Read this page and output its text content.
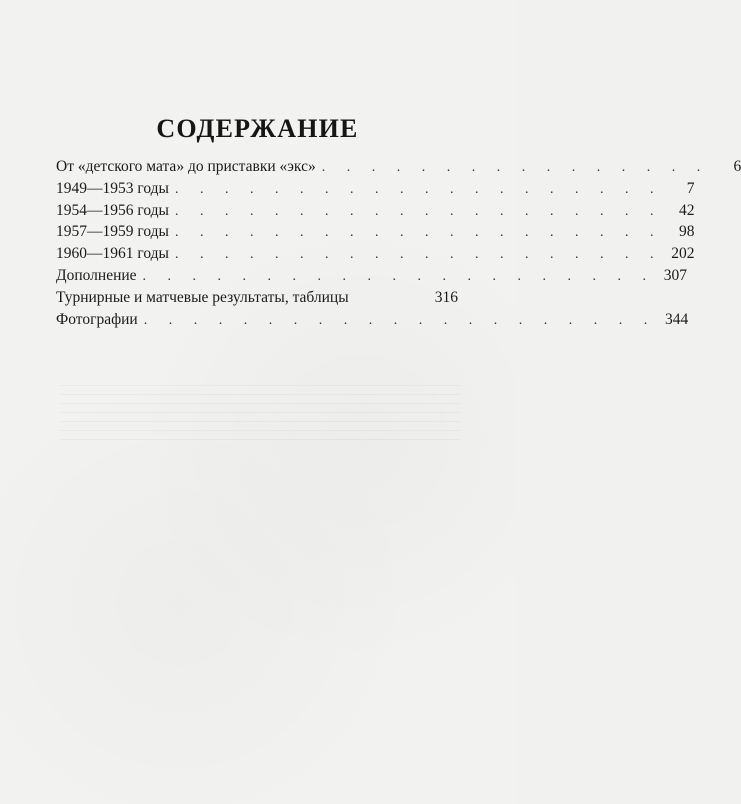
СОДЕРЖАНИЕ
От «детского мата» до приставки «экс» . . . . . . . . . . . . . . . .	6
1949—1953 годы . . . . . . . . . . . . . . . . . . . .	7
1954—1956 годы . . . . . . . . . . . . . . . . . . . .	42
1957—1959 годы . . . . . . . . . . . . . . . . . . . .	98
1960—1961 годы . . . . . . . . . . . . . . . . . . . . 202
Дополнение . . . . . . . . . . . . . . . . . . . . . 307
Турнирные и матчевые результаты, таблицы	316
Фотографии . . . . . . . . . . . . . . . . . . . . . 344
